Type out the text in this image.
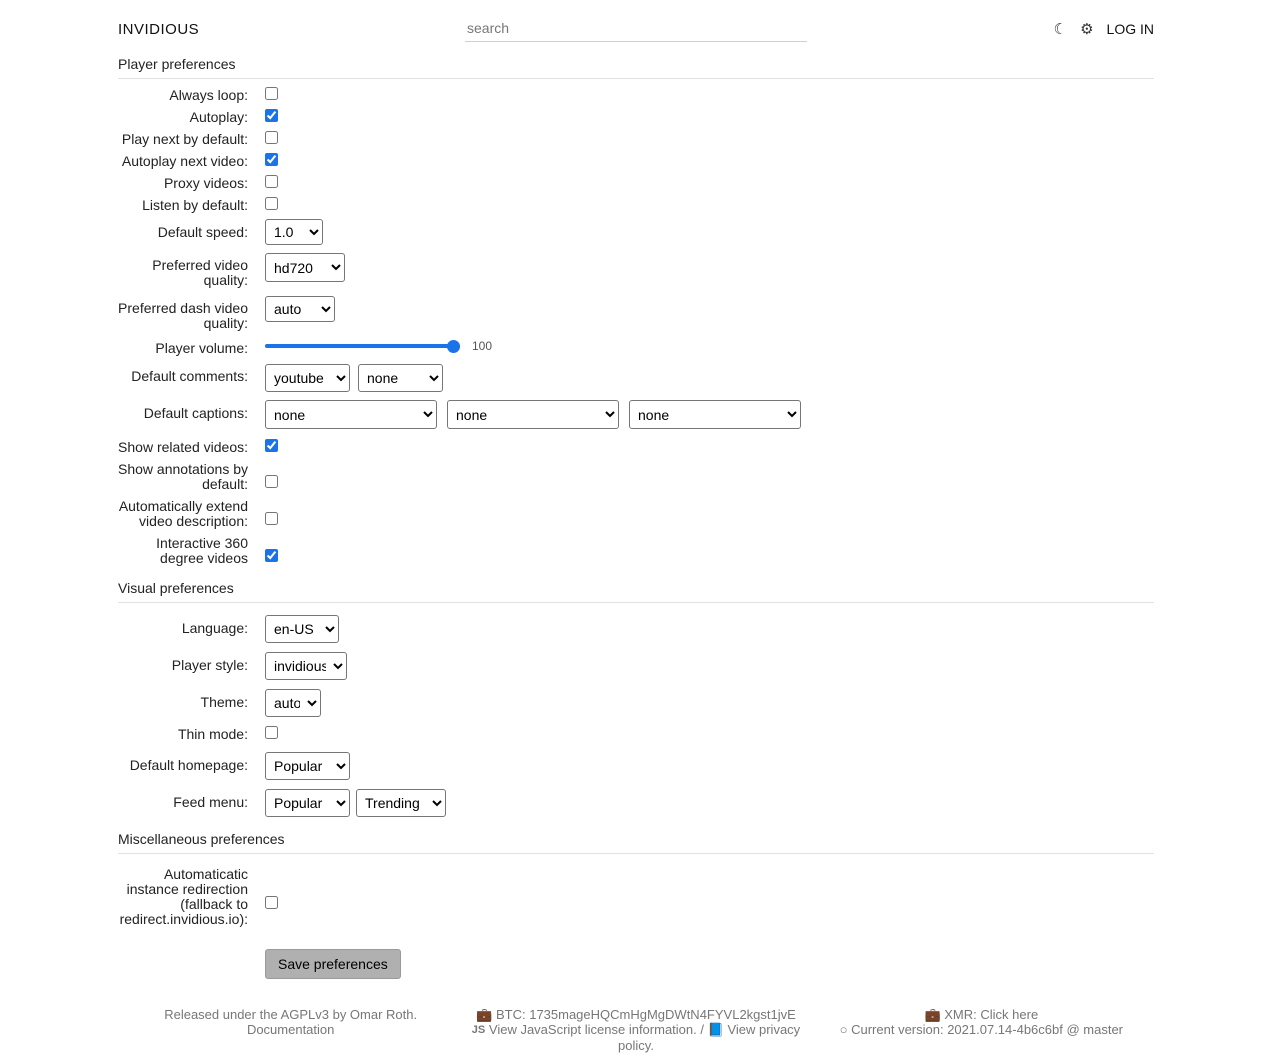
INVIDIOUS
search	☾ ⚙ LOG IN
Player preferences
Always loop:
Autoplay:
Play next by default:
Autoplay next video:
Proxy videos:
Listen by default:
Default speed:
1.0
Preferred video quality:
hd720
Preferred dash video quality:
auto
Player volume:	100
Default comments:
youtube
none
Default captions:
none
none
none
Show related videos:
Show annotations by default:
Automatically extend video description:
Interactive 360 degree videos
Visual preferences
Language:
en-US
Player style:
invidious
Theme:
auto
Thin mode:
Default homepage:
Popular
Feed menu:
Popular
Trending
Miscellaneous preferences
Automaticatic instance redirection (fallback to redirect.invidious.io):
Save preferences
Released under the AGPLv3 by Omar Roth.
Documentation
💼 BTC: 1735mageHQCmHgMgDWtN4FYVL2kgst1jvE
JS View JavaScript license information. / 📘 View privacy policy.
💼 XMR: Click here
○ Current version: 2021.07.14-4b6c6bf @ master
